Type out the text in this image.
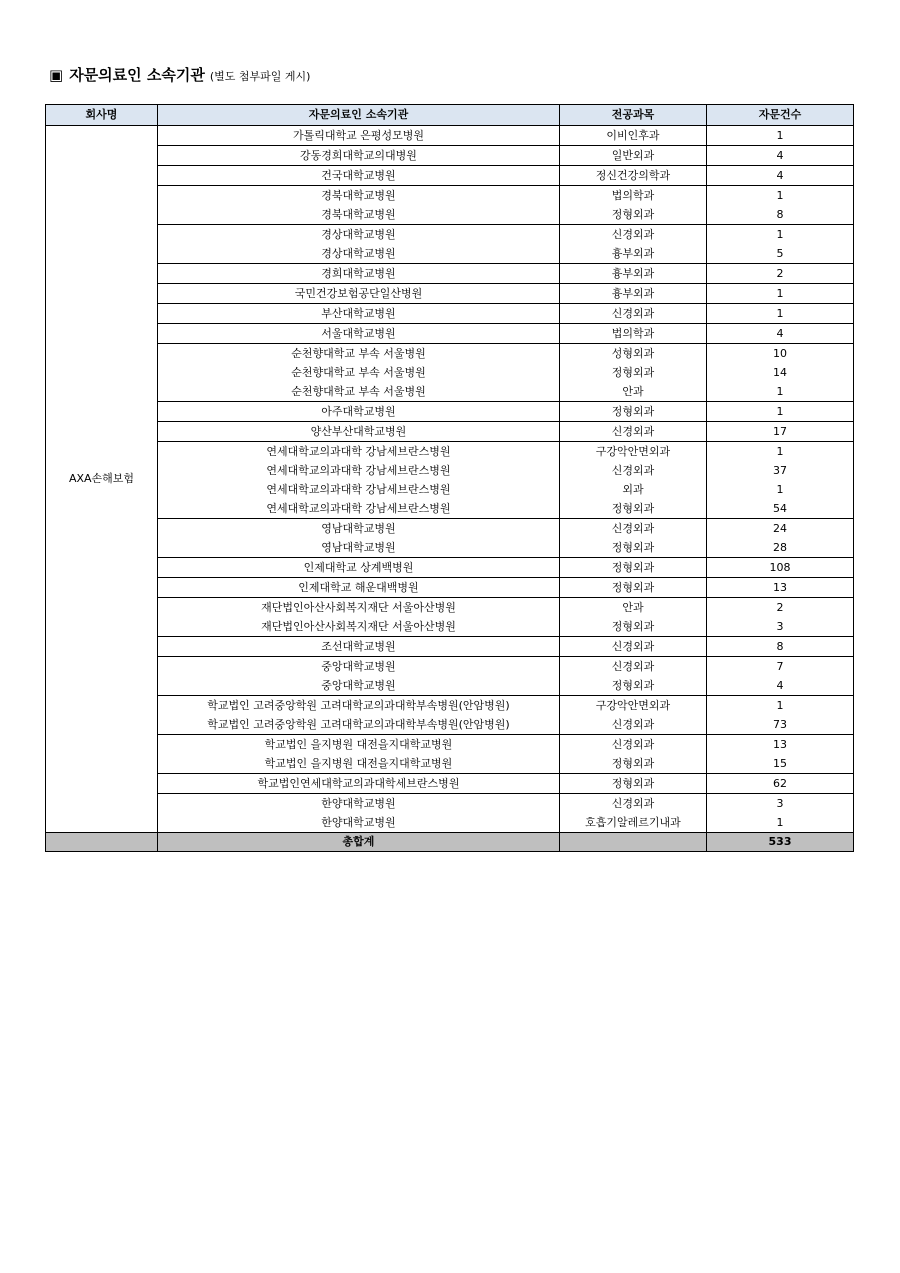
▣ 자문의료인 소속기관 (별도 첨부파일 게시)
회사명	자문의료인 소속기관	전공과목	자문건수
AXA손해보험	가톨릭대학교 은평성모병원	이비인후과	1
	강동경희대학교의대병원	일반외과	4
	건국대학교병원	정신건강의학과	4
	경북대학교병원	법의학과	1
	경북대학교병원	정형외과	8
	경상대학교병원	신경외과	1
	경상대학교병원	흉부외과	5
	경희대학교병원	흉부외과	2
	국민건강보험공단일산병원	흉부외과	1
	부산대학교병원	신경외과	1
	서울대학교병원	법의학과	4
	순천향대학교 부속 서울병원	성형외과	10
	순천향대학교 부속 서울병원	정형외과	14
	순천향대학교 부속 서울병원	안과	1
	아주대학교병원	정형외과	1
	양산부산대학교병원	신경외과	17
	연세대학교의과대학 강남세브란스병원	구강악안면외과	1
	연세대학교의과대학 강남세브란스병원	신경외과	37
	연세대학교의과대학 강남세브란스병원	외과	1
	연세대학교의과대학 강남세브란스병원	정형외과	54
	영남대학교병원	신경외과	24
	영남대학교병원	정형외과	28
	인제대학교 상계백병원	정형외과	108
	인제대학교 해운대백병원	정형외과	13
	재단법인아산사회복지재단 서울아산병원	안과	2
	재단법인아산사회복지재단 서울아산병원	정형외과	3
	조선대학교병원	신경외과	8
	중앙대학교병원	신경외과	7
	중앙대학교병원	정형외과	4
	학교법인 고려중앙학원 고려대학교의과대학부속병원(안암병원)	구강악안면외과	1
	학교법인 고려중앙학원 고려대학교의과대학부속병원(안암병원)	신경외과	73
	학교법인 을지병원 대전을지대학교병원	신경외과	13
	학교법인 을지병원 대전을지대학교병원	정형외과	15
	학교법인연세대학교의과대학세브란스병원	정형외과	62
	한양대학교병원	신경외과	3
	한양대학교병원	호흡기알레르기내과	1
	총합계		533
